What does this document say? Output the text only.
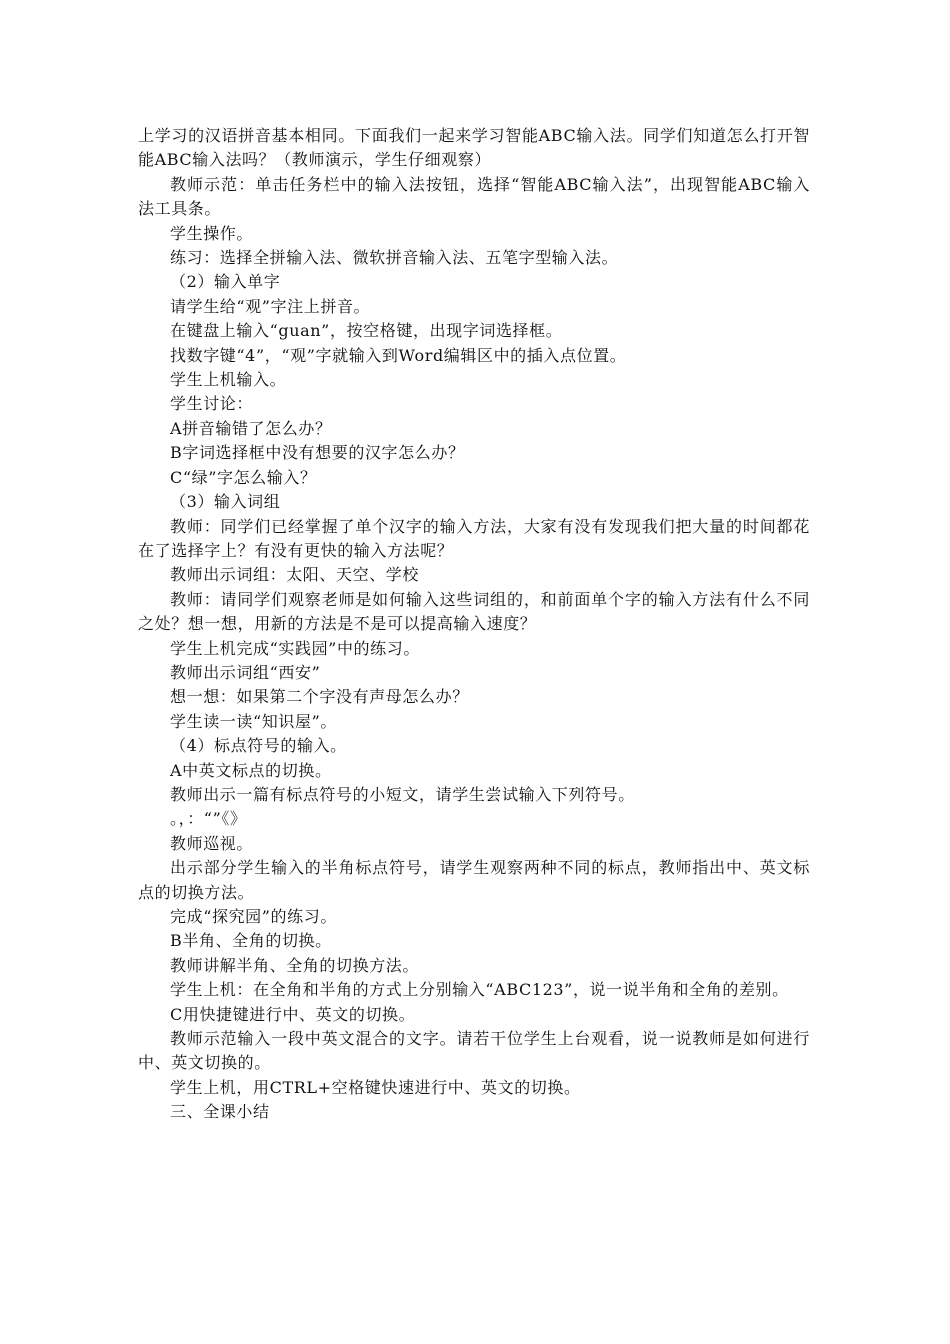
上学习的汉语拼音基本相同。下面我们一起来学习智能ABC输入法。同学们知道怎么打开智能ABC输入法吗？（教师演示，学生仔细观察）

教师示范：单击任务栏中的输入法按钮，选择“智能ABC输入法”，出现智能ABC输入法工具条。

学生操作。

练习：选择全拼输入法、微软拼音输入法、五笔字型输入法。

（2）输入单字

请学生给“观”字注上拼音。

在键盘上输入“guan”，按空格键，出现字词选择框。

找数字键“4”，“观”字就输入到Word编辑区中的插入点位置。

学生上机输入。

学生讨论：

A拼音输错了怎么办？

B字词选择框中没有想要的汉字怎么办？

C“绿”字怎么输入？

（3）输入词组

教师：同学们已经掌握了单个汉字的输入方法，大家有没有发现我们把大量的时间都花在了选择字上？有没有更快的输入方法呢？

教师出示词组：太阳、天空、学校

教师：请同学们观察老师是如何输入这些词组的，和前面单个字的输入方法有什么不同之处？想一想，用新的方法是不是可以提高输入速度？

学生上机完成“实践园”中的练习。

教师出示词组“西安”

想一想：如果第二个字没有声母怎么办？

学生读一读“知识屋”。

（4）标点符号的输入。

A中英文标点的切换。

教师出示一篇有标点符号的小短文，请学生尝试输入下列符号。

。，：“”《》

教师巡视。

出示部分学生输入的半角标点符号，请学生观察两种不同的标点，教师指出中、英文标点的切换方法。

完成“探究园”的练习。

B半角、全角的切换。

教师讲解半角、全角的切换方法。

学生上机：在全角和半角的方式上分别输入“ABC123”，说一说半角和全角的差别。

C用快捷键进行中、英文的切换。

教师示范输入一段中英文混合的文字。请若干位学生上台观看，说一说教师是如何进行中、英文切换的。

学生上机，用CTRL+空格键快速进行中、英文的切换。

三、全课小结
